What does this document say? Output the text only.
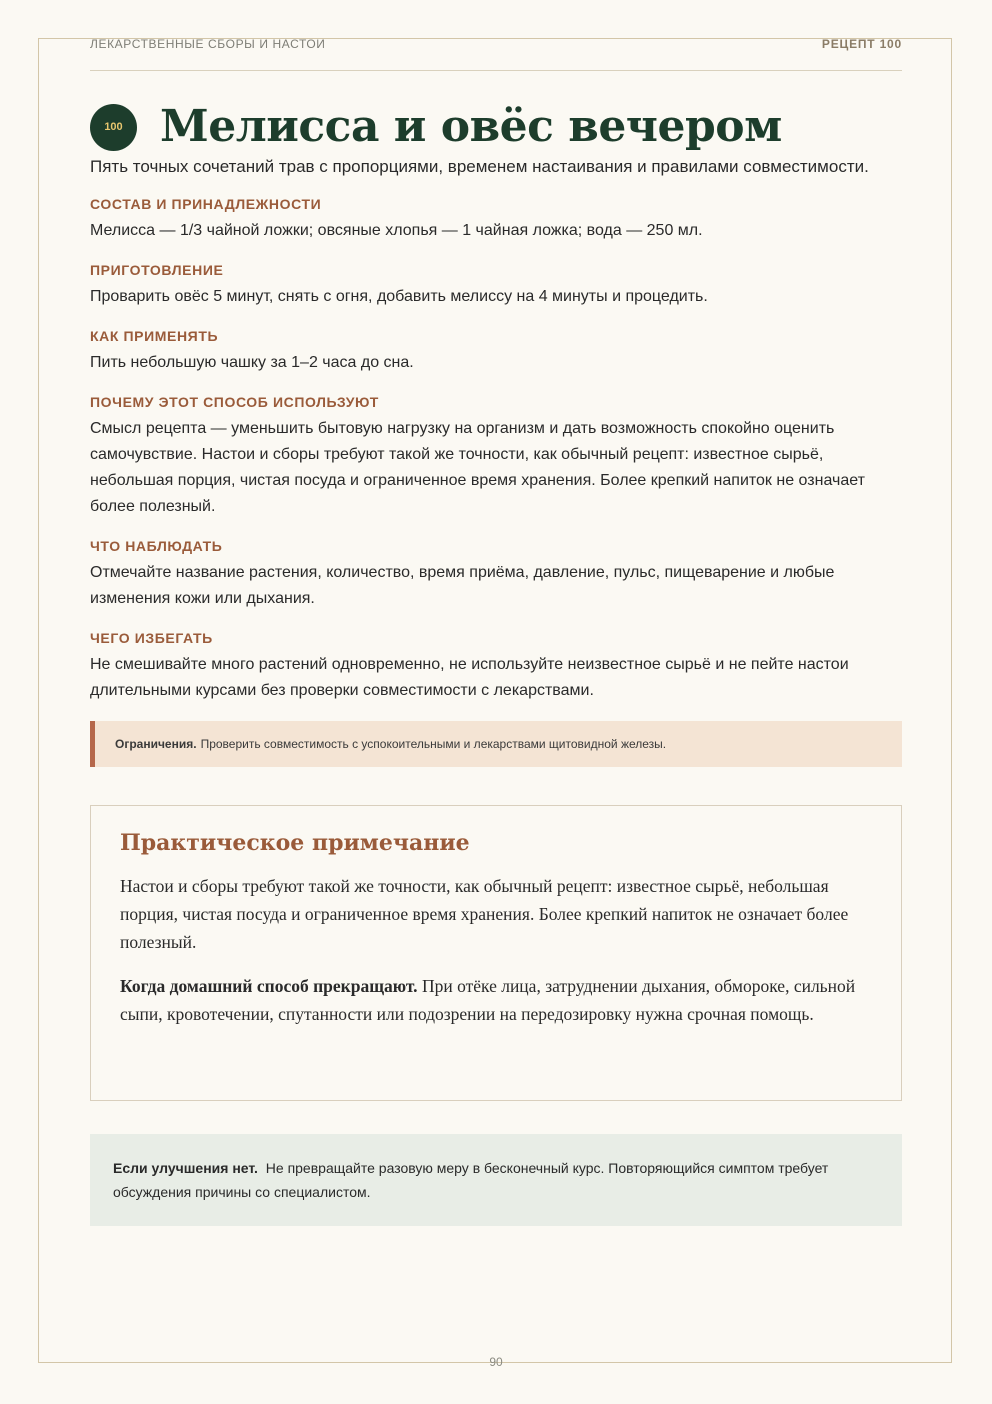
ЛЕКАРСТВЕННЫЕ СБОРЫ И НАСТОИ	РЕЦЕПТ 100
100 Мелисса и овёс вечером

Пять точных сочетаний трав с пропорциями, временем настаивания и правилами совместимости.

СОСТАВ И ПРИНАДЛЕЖНОСТИ

Мелисса — 1/3 чайной ложки; овсяные хлопья — 1 чайная ложка; вода — 250 мл.

ПРИГОТОВЛЕНИЕ

Проварить овёс 5 минут, снять с огня, добавить мелиссу на 4 минуты и процедить.

КАК ПРИМЕНЯТЬ

Пить небольшую чашку за 1–2 часа до сна.

ПОЧЕМУ ЭТОТ СПОСОБ ИСПОЛЬЗУЮТ

Смысл рецепта — уменьшить бытовую нагрузку на организм и дать возможность спокойно оценить самочувствие. Настои и сборы требуют такой же точности, как обычный рецепт: известное сырьё, небольшая порция, чистая посуда и ограниченное время хранения. Более крепкий напиток не означает более полезный.

ЧТО НАБЛЮДАТЬ

Отмечайте название растения, количество, время приёма, давление, пульс, пищеварение и любые изменения кожи или дыхания.

ЧЕГО ИЗБЕГАТЬ

Не смешивайте много растений одновременно, не используйте неизвестное сырьё и не пейте настои длительными курсами без проверки совместимости с лекарствами.

Ограничения. Проверить совместимость с успокоительными и лекарствами щитовидной железы.
Практическое примечание

Настои и сборы требуют такой же точности, как обычный рецепт: известное сырьё, небольшая порция, чистая посуда и ограниченное время хранения. Более крепкий напиток не означает более полезный.

Когда домашний способ прекращают. При отёке лица, затруднении дыхания, обмороке, сильной сыпи, кровотечении, спутанности или подозрении на передозировку нужна срочная помощь.

Если улучшения нет. Не превращайте разовую меру в бесконечный курс. Повторяющийся симптом требует обсуждения причины со специалистом.
90
